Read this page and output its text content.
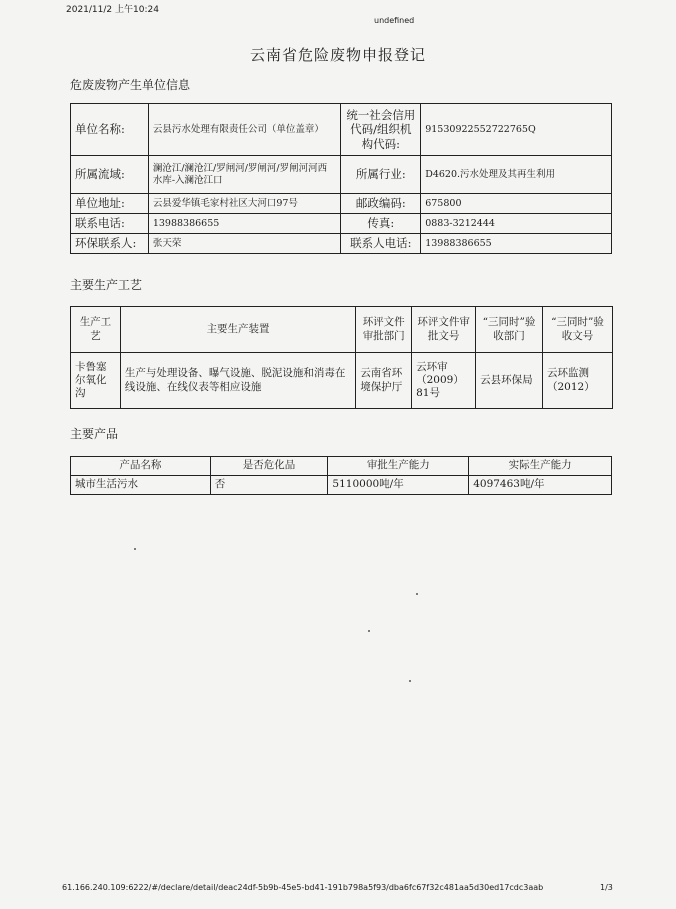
2021/11/2 上午10:24
undefined
云南省危险废物申报登记
危废废物产生单位信息
单位名称:	云县污水处理有限责任公司（单位盖章）	统一社会信用代码/组织机构代码:	91530922552722765Q
所属流域:	澜沧江/澜沧江/罗闸河/罗闸河/罗闸河河西水库-入澜沧江口	所属行业:	D4620.污水处理及其再生利用
单位地址:	云县爱华镇毛家村社区大河口97号	邮政编码:	675800
联系电话:	13988386655	传真:	0883-3212444
环保联系人:	张天荣	联系人电话:	13988386655
主要生产工艺
生产工艺	主要生产装置	环评文件审批部门	环评文件审批文号	“三同时”验收部门	“三同时”验收文号
卡鲁塞尔氧化沟	生产与处理设备、曝气设施、脱泥设施和消毒在线设施、在线仪表等相应设施	云南省环境保护厅	云环审（2009）81号	云县环保局	云环监测（2012）
主要产品
产品名称	是否危化品	审批生产能力	实际生产能力
城市生活污水	否	5110000吨/年	4097463吨/年
61.166.240.109:6222/#/declare/detail/deac24df-5b9b-45e5-bd41-191b798a5f93/dba6fc67f32c481aa5d30ed17cdc3aab	1/3
